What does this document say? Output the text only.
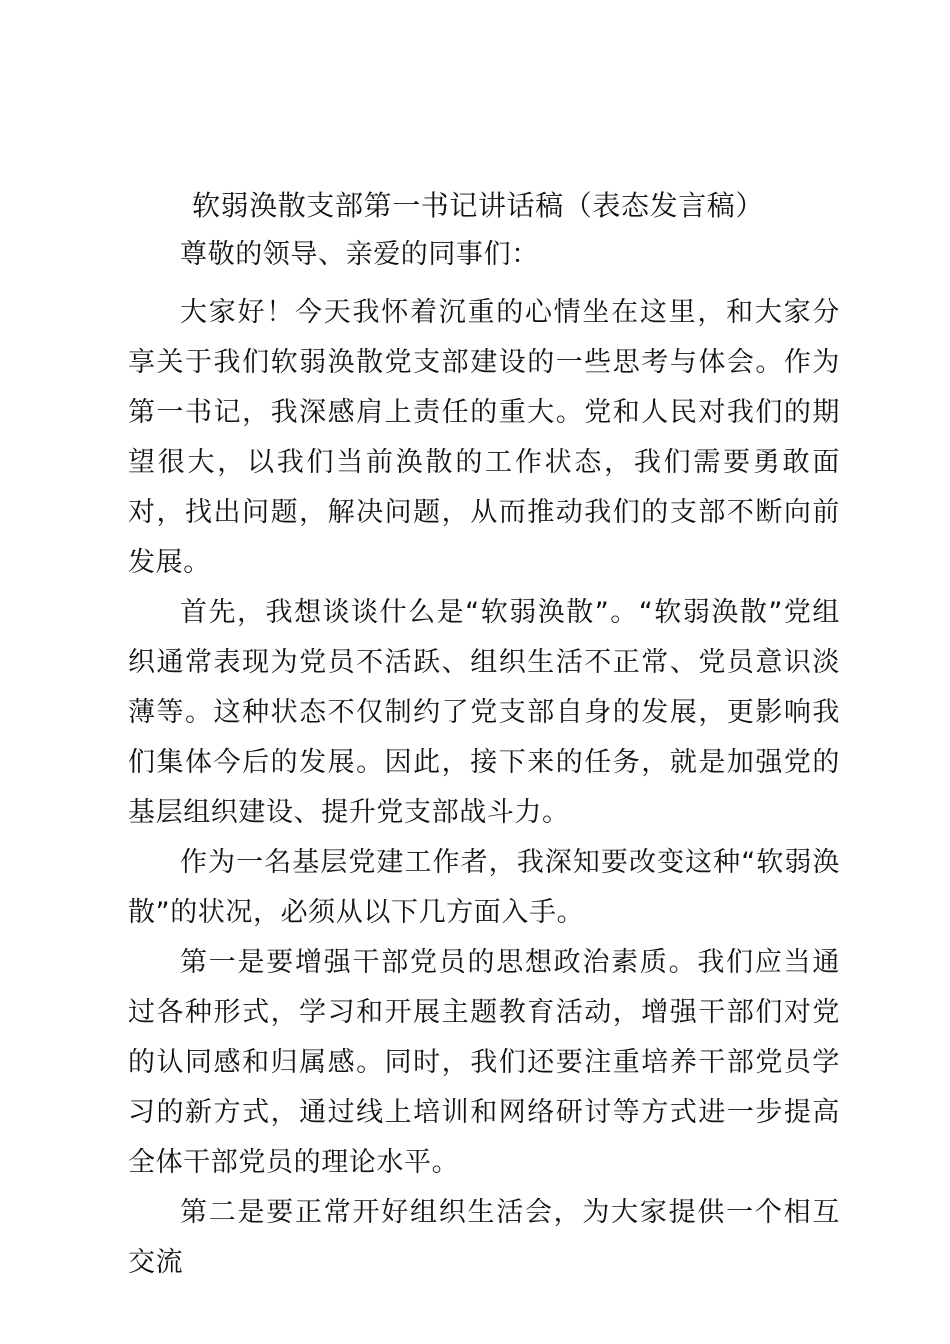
软弱涣散支部第一书记讲话稿（表态发言稿）

尊敬的领导、亲爱的同事们：

大家好！今天我怀着沉重的心情坐在这里，和大家分享关于我们软弱涣散党支部建设的一些思考与体会。作为第一书记，我深感肩上责任的重大。党和人民对我们的期望很大，以我们当前涣散的工作状态，我们需要勇敢面对，找出问题，解决问题，从而推动我们的支部不断向前发展。

首先，我想谈谈什么是“软弱涣散”。“软弱涣散”党组织通常表现为党员不活跃、组织生活不正常、党员意识淡薄等。这种状态不仅制约了党支部自身的发展，更影响我们集体今后的发展。因此，接下来的任务，就是加强党的基层组织建设、提升党支部战斗力。

作为一名基层党建工作者，我深知要改变这种“软弱涣散”的状况，必须从以下几方面入手。

第一是要增强干部党员的思想政治素质。我们应当通过各种形式，学习和开展主题教育活动，增强干部们对党的认同感和归属感。同时，我们还要注重培养干部党员学习的新方式，通过线上培训和网络研讨等方式进一步提高全体干部党员的理论水平。

第二是要正常开好组织生活会，为大家提供一个相互交流
